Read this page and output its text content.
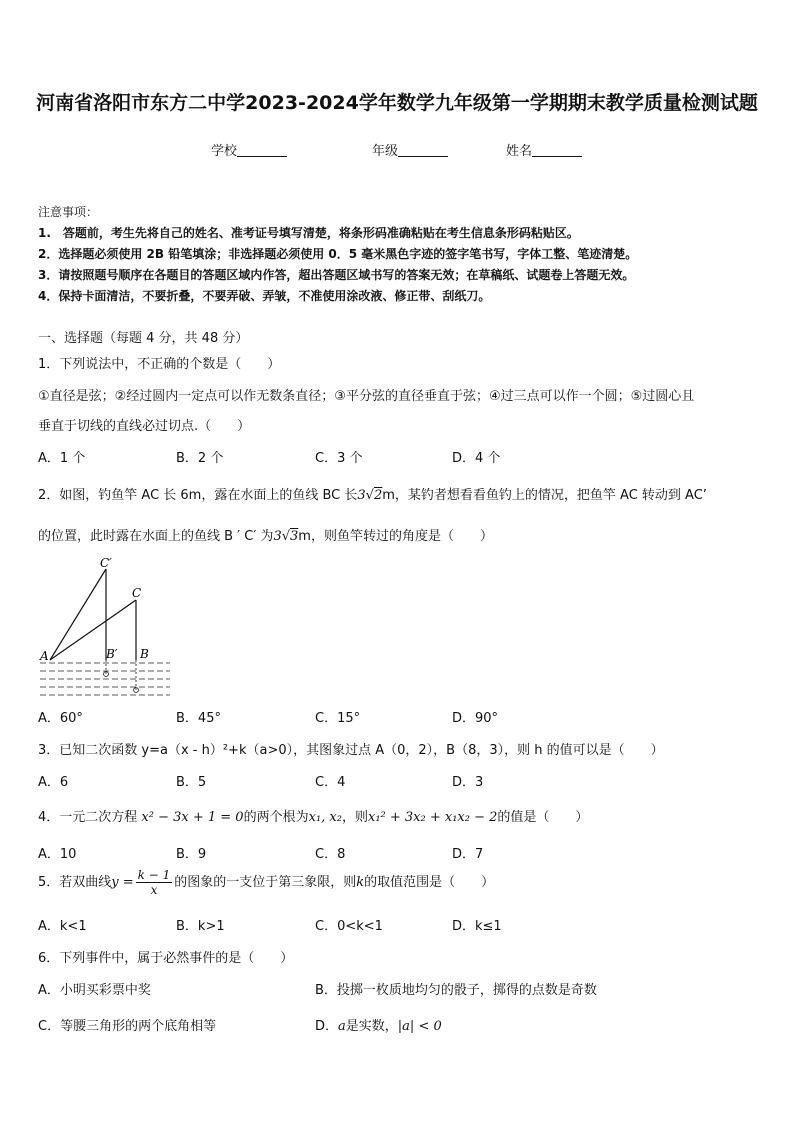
河南省洛阳市东方二中学2023-2024学年数学九年级第一学期期末教学质量检测试题
学校	年级	姓名
注意事项：
1.　答题前，考生先将自己的姓名、准考证号填写清楚，将条形码准确粘贴在考生信息条形码粘贴区。
2．选择题必须使用 2B 铅笔填涂；非选择题必须使用 0．5 毫米黑色字迹的签字笔书写，字体工整、笔迹清楚。
3．请按照题号顺序在各题目的答题区域内作答，超出答题区域书写的答案无效；在草稿纸、试题卷上答题无效。
4．保持卡面清洁，不要折叠，不要弄破、弄皱，不准使用涂改液、修正带、刮纸刀。
一、选择题（每题 4 分，共 48 分）
1．下列说法中，不正确的个数是（　　）
①直径是弦；②经过圆内一定点可以作无数条直径；③平分弦的直径垂直于弦；④过三点可以作一个圆；⑤过圆心且
垂直于切线的直线必过切点.（　　）
A．1 个	B．2 个	C．3 个	D．4 个
2．如图，钓鱼竿 AC 长 6m，露在水面上的鱼线 BC 长3√2m，某钓者想看看鱼钓上的情况，把鱼竿 AC 转动到 AC’
的位置，此时露在水面上的鱼线 B ′ C′ 为3√3m，则鱼竿转过的角度是（　　）
C′
C
A	B′ B
A．60°	B．45°	C．15°	D．90°
3．已知二次函数 y=a（x - h）²+k（a>0），其图象过点 A（0，2），B（8，3），则 h 的值可以是（　　）
A．6	B．5	C．4	D．3
4．一元二次方程 x² − 3x + 1 = 0的两个根为x₁, x₂，则x₁² + 3x₂ + x₁x₂ − 2的值是（　　）
A．10	B．9	C．8	D．7
5．若双曲线$y = \frac{k - 1}{x}$ 的图象的一支位于第三象限，则k的取值范围是（　　）
A．k<1	B．k>1	C．0<k<1	D．k≤1
6．下列事件中，属于必然事件的是（　　）
A．小明买彩票中奖	B．投掷一枚质地均匀的骰子，掷得的点数是奇数
C．等腰三角形的两个底角相等	D．a是实数，|a| < 0
